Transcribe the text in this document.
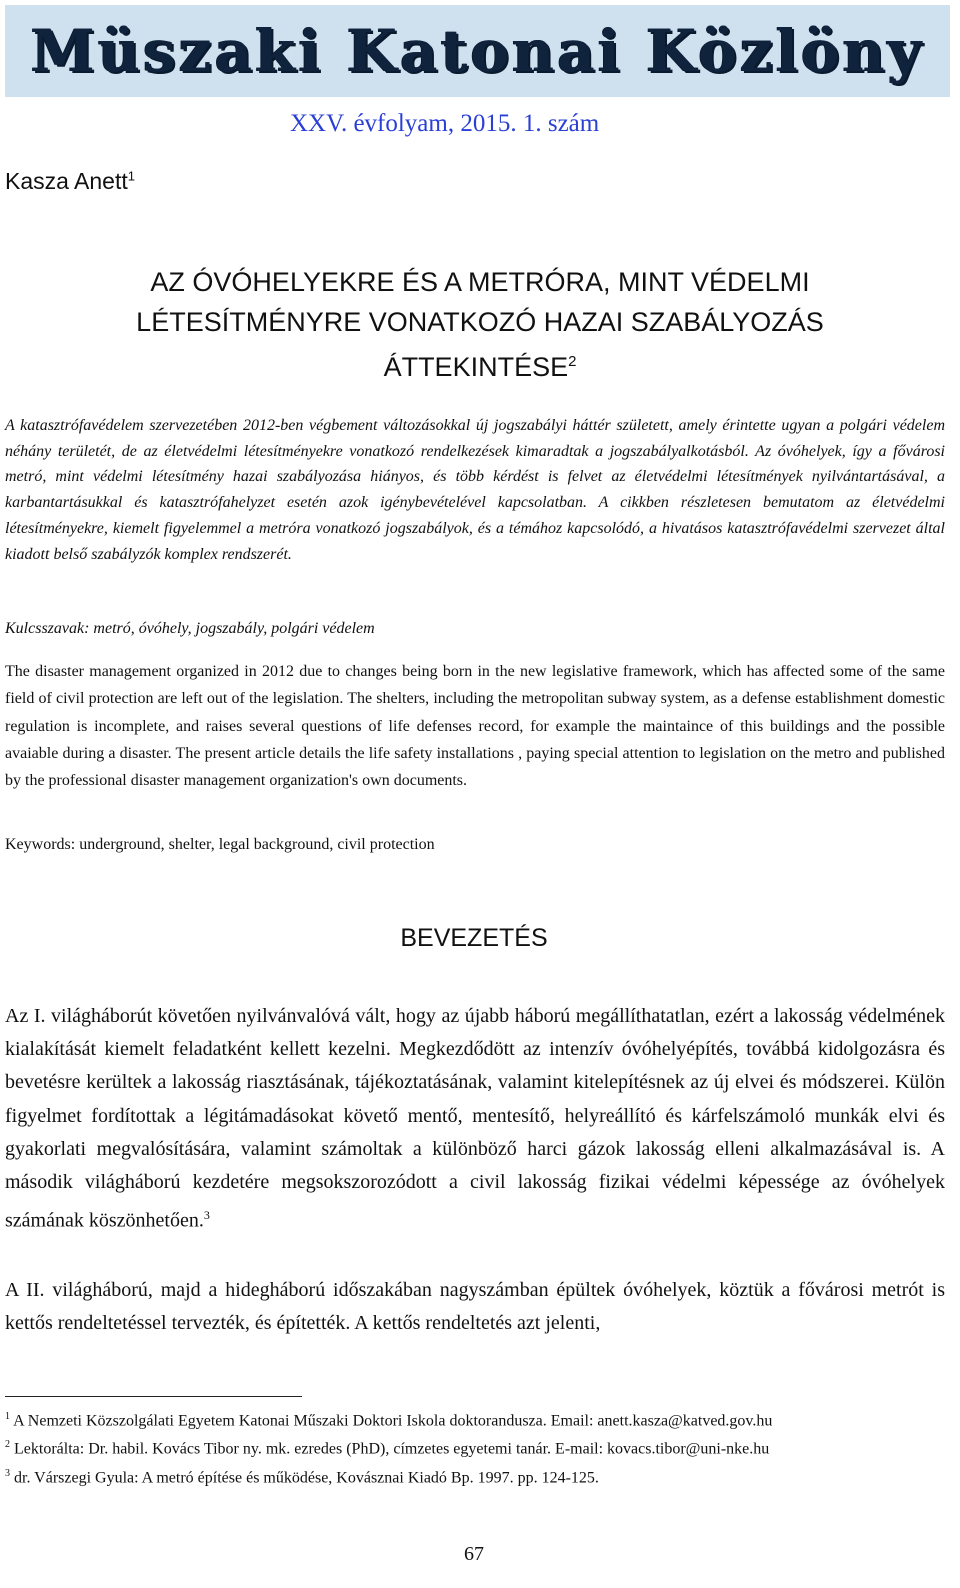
Müszaki Katonai Közlöny
XXV. évfolyam, 2015. 1. szám
Kasza Anett$^1$
AZ ÓVÓHELYEKRE ÉS A METRÓRA, MINT VÉDELMI LÉTESÍTMÉNYRE VONATKOZÓ HAZAI SZABÁLYOZÁS ÁTTEKINTÉSE$^2$

A katasztrófavédelem szervezetében 2012-ben végbement változásokkal új jogszabályi háttér született, amely érintette ugyan a polgári védelem néhány területét, de az életvédelmi létesítményekre vonatkozó rendelkezések kimaradtak a jogszabályalkotásból. Az óvóhelyek, így a fővárosi metró, mint védelmi létesítmény hazai szabályozása hiányos, és több kérdést is felvet az életvédelmi létesítmények nyilvántartásával, a karbantartásukkal és katasztrófahelyzet esetén azok igénybevételével kapcsolatban. A cikkben részletesen bemutatom az életvédelmi létesítményekre, kiemelt figyelemmel a metróra vonatkozó jogszabályok, és a témához kapcsolódó, a hivatásos katasztrófavédelmi szervezet által kiadott belső szabályzók komplex rendszerét.

Kulcsszavak: metró, óvóhely, jogszabály, polgári védelem

The disaster management organized in 2012 due to changes being born in the new legislative framework, which has affected some of the same field of civil protection are left out of the legislation. The shelters, including the metropolitan subway system, as a defense establishment domestic regulation is incomplete, and raises several questions of life defenses record, for example the maintaince of this buildings and the possible avaiable during a disaster. The present article details the life safety installations , paying special attention to legislation on the metro and published by the professional disaster management organization's own documents.

Keywords: underground, shelter, legal background, civil protection
BEVEZETÉS

Az I. világháborút követően nyilvánvalóvá vált, hogy az újabb háború megállíthatatlan, ezért a lakosság védelmének kialakítását kiemelt feladatként kellett kezelni. Megkezdődött az intenzív óvóhelyépítés, továbbá kidolgozásra és bevetésre kerültek a lakosság riasztásának, tájékoztatásának, valamint kitelepítésnek az új elvei és módszerei. Külön figyelmet fordítottak a légitámadásokat követő mentő, mentesítő, helyreállító és kárfelszámoló munkák elvi és gyakorlati megvalósítására, valamint számoltak a különböző harci gázok lakosság elleni alkalmazásával is. A második világháború kezdetére megsokszorozódott a civil lakosság fizikai védelmi képessége az óvóhelyek számának köszönhetően.$^3$

A II. világháború, majd a hidegháború időszakában nagyszámban épültek óvóhelyek, köztük a fővárosi metrót is kettős rendeltetéssel tervezték, és építették. A kettős rendeltetés azt jelenti,

$^1$ A Nemzeti Közszolgálati Egyetem Katonai Műszaki Doktori Iskola doktorandusza. Email: anett.kasza@katved.gov.hu

$^2$ Lektorálta: Dr. habil. Kovács Tibor ny. mk. ezredes (PhD), címzetes egyetemi tanár. E-mail: kovacs.tibor@uni-nke.hu

$^3$ dr. Várszegi Gyula: A metró építése és működése, Kovásznai Kiadó Bp. 1997. pp. 124-125.

67
